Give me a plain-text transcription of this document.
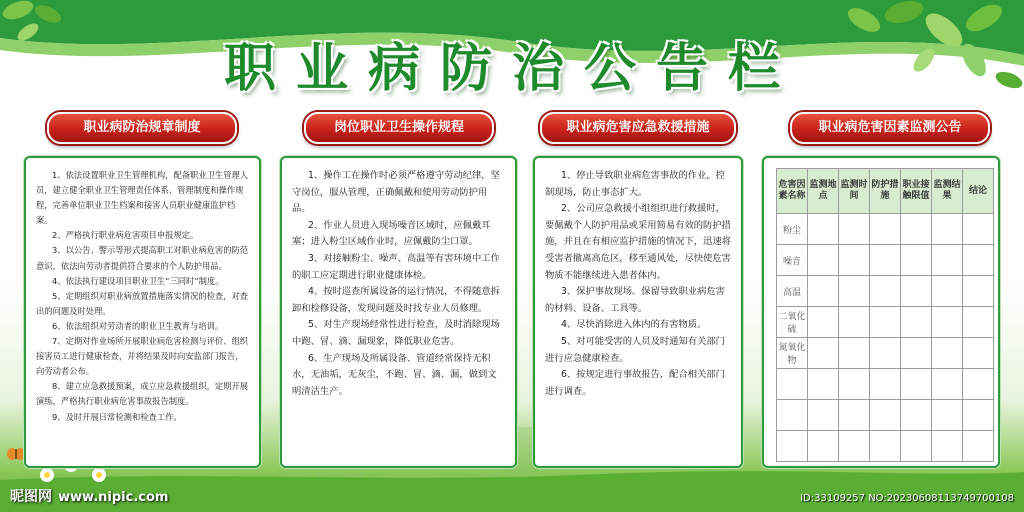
职业病防治公告栏
职业病防治规章制度	岗位职业卫生操作规程	职业病危害应急救援措施	职业病危害因素监测公告

1、依法设置职业卫生管理机构，配备职业卫生管理人员，建立健全职业卫生管理责任体系、管理制度和操作规程，完善单位职业卫生档案和接害人员职业健康监护档案。

2、严格执行职业病危害项目申报规定。

3、以公告、警示等形式提高职工对职业病危害的防范意识，依法向劳动者提供符合要求的个人防护用品。

4、依法执行建设项目职业卫生“三同时”制度。

5、定期组织对职业病放置措施落实情况的检查，对查出的问题及时处理。

6、依法组织对劳动者的职业卫生教育与培训。

7、定期对作业场所开展职业病危害检测与评价、组织接害员工进行健康检查，并将结果及时向安监部门报告，向劳动者公布。

8、建立应急救援预案，成立应急救援组织，定期开展演练，严格执行职业病危害事故报告制度。

9、及时开展日常检测和检查工作。

1、操作工在操作时必须严格遵守劳动纪律，坚守岗位，服从管理，正确佩戴和使用劳动防护用品。

2、作业人员进入现场噪音区域时，应佩戴耳塞；进入粉尘区域作业时，应佩戴防尘口罩。

3、对接触粉尘、噪声、高温等有害环境中工作的职工应定期进行职业健康体检。

4、按时巡查所属设备的运行情况，不得随意拆卸和检修设备，发现问题及时找专业人员修理。

5、对生产现场经常性进行检查，及时消除现场中跑、冒、滴、漏现象，降低职业危害。

6、生产现场及所属设备、管道经常保持无积水，无油垢，无灰尘，不跑、冒、滴、漏，做到文明清洁生产。

1、停止导致职业病危害事故的作业，控制现场，防止事态扩大。

2、公司应急救援小组组织进行救援时，要佩戴个人防护用品或采用简易有效的防护措施，并且在有相应监护措施的情况下，迅速将受害者撤离高危区，移至通风处，尽快使危害物质不能继续进入患者体内。

3、保护事故现场。保留导致职业病危害的材料、设备、工具等。

4、尽快消除进入体内的有害物质。

5、对可能受害的人员及时通知有关部门进行应急健康检查。

6、按规定进行事故报告，配合相关部门进行调查。

危害因素名称	监测地点	监测时间	防护措施	职业接触限值	监测结果	结论
粉尘						
噪音						
高温						
二氧化硫						
氮氧化物						

昵图网 www.nipic.com	ID:33109257 NO:20230608113749700108
